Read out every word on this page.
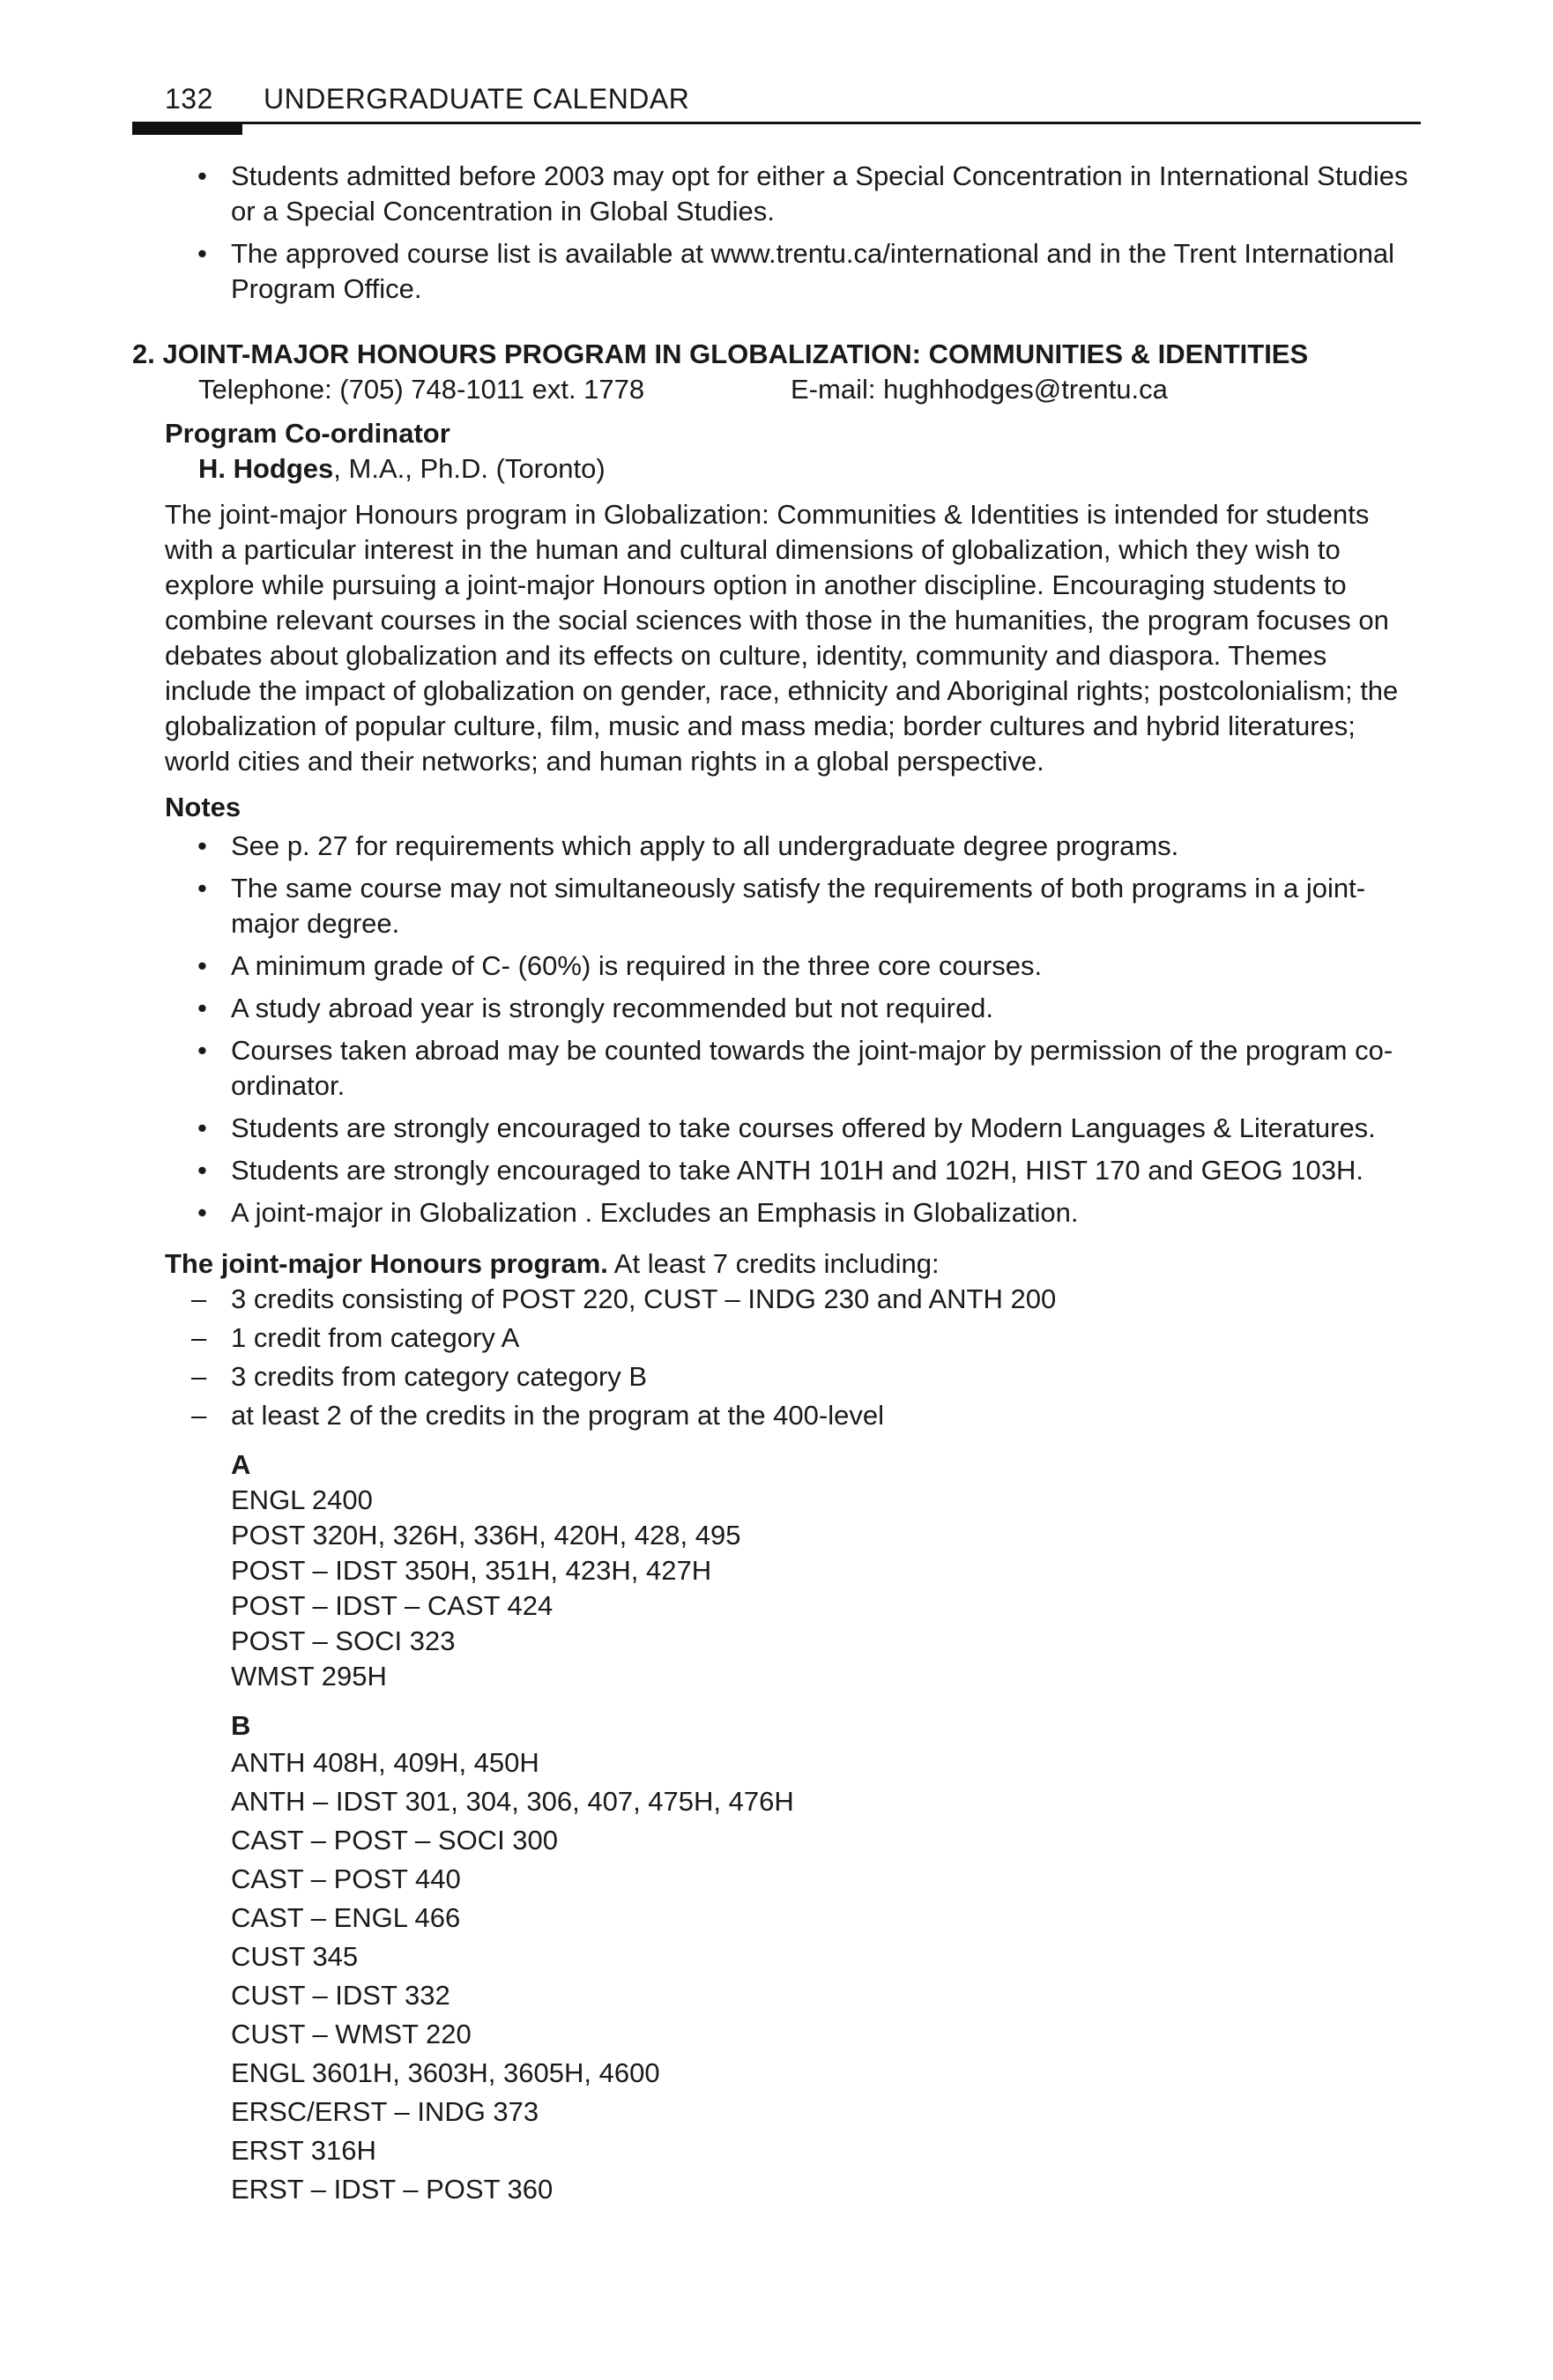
132 UNDERGRADUATE CALENDAR
• Students admitted before 2003 may opt for either a Special Concentration in International Studies or a Special Concentration in Global Studies.
• The approved course list is available at www.trentu.ca/international and in the Trent International Program Office.
2. JOINT-MAJOR HONOURS PROGRAM IN GLOBALIZATION: COMMUNITIES & IDENTITIES
Telephone: (705) 748-1011 ext. 1778	E-mail: hughhodges@trentu.ca
Program Co-ordinator
H. Hodges, M.A., Ph.D. (Toronto)
The joint-major Honours program in Globalization: Communities & Identities is intended for students with a particular interest in the human and cultural dimensions of globalization, which they wish to explore while pursuing a joint-major Honours option in another discipline. Encouraging students to combine relevant courses in the social sciences with those in the humanities, the program focuses on debates about globalization and its effects on culture, identity, community and diaspora. Themes include the impact of globalization on gender, race, ethnicity and Aboriginal rights; postcolonialism; the globalization of popular culture, film, music and mass media; border cultures and hybrid literatures; world cities and their networks; and human rights in a global perspective.
Notes
• See p. 27 for requirements which apply to all undergraduate degree programs.
• The same course may not simultaneously satisfy the requirements of both programs in a joint-major degree.
• A minimum grade of C- (60%) is required in the three core courses.
• A study abroad year is strongly recommended but not required.
• Courses taken abroad may be counted towards the joint-major by permission of the program co-ordinator.
• Students are strongly encouraged to take courses offered by Modern Languages & Literatures.
• Students are strongly encouraged to take ANTH 101H and 102H, HIST 170 and GEOG 103H.
• A joint-major in Globalization . Excludes an Emphasis in Globalization.
The joint-major Honours program. At least 7 credits including:
– 3 credits consisting of POST 220, CUST – INDG 230 and ANTH 200
– 1 credit from category A
– 3 credits from category category B
– at least 2 of the credits in the program at the 400-level
A
ENGL 2400
POST 320H, 326H, 336H, 420H, 428, 495
POST – IDST 350H, 351H, 423H, 427H
POST – IDST – CAST 424
POST – SOCI 323
WMST 295H
B
ANTH 408H, 409H, 450H
ANTH – IDST 301, 304, 306, 407, 475H, 476H
CAST – POST – SOCI 300
CAST – POST 440
CAST – ENGL 466
CUST 345
CUST – IDST 332
CUST – WMST 220
ENGL 3601H, 3603H, 3605H, 4600
ERSC/ERST – INDG 373
ERST 316H
ERST – IDST – POST 360
